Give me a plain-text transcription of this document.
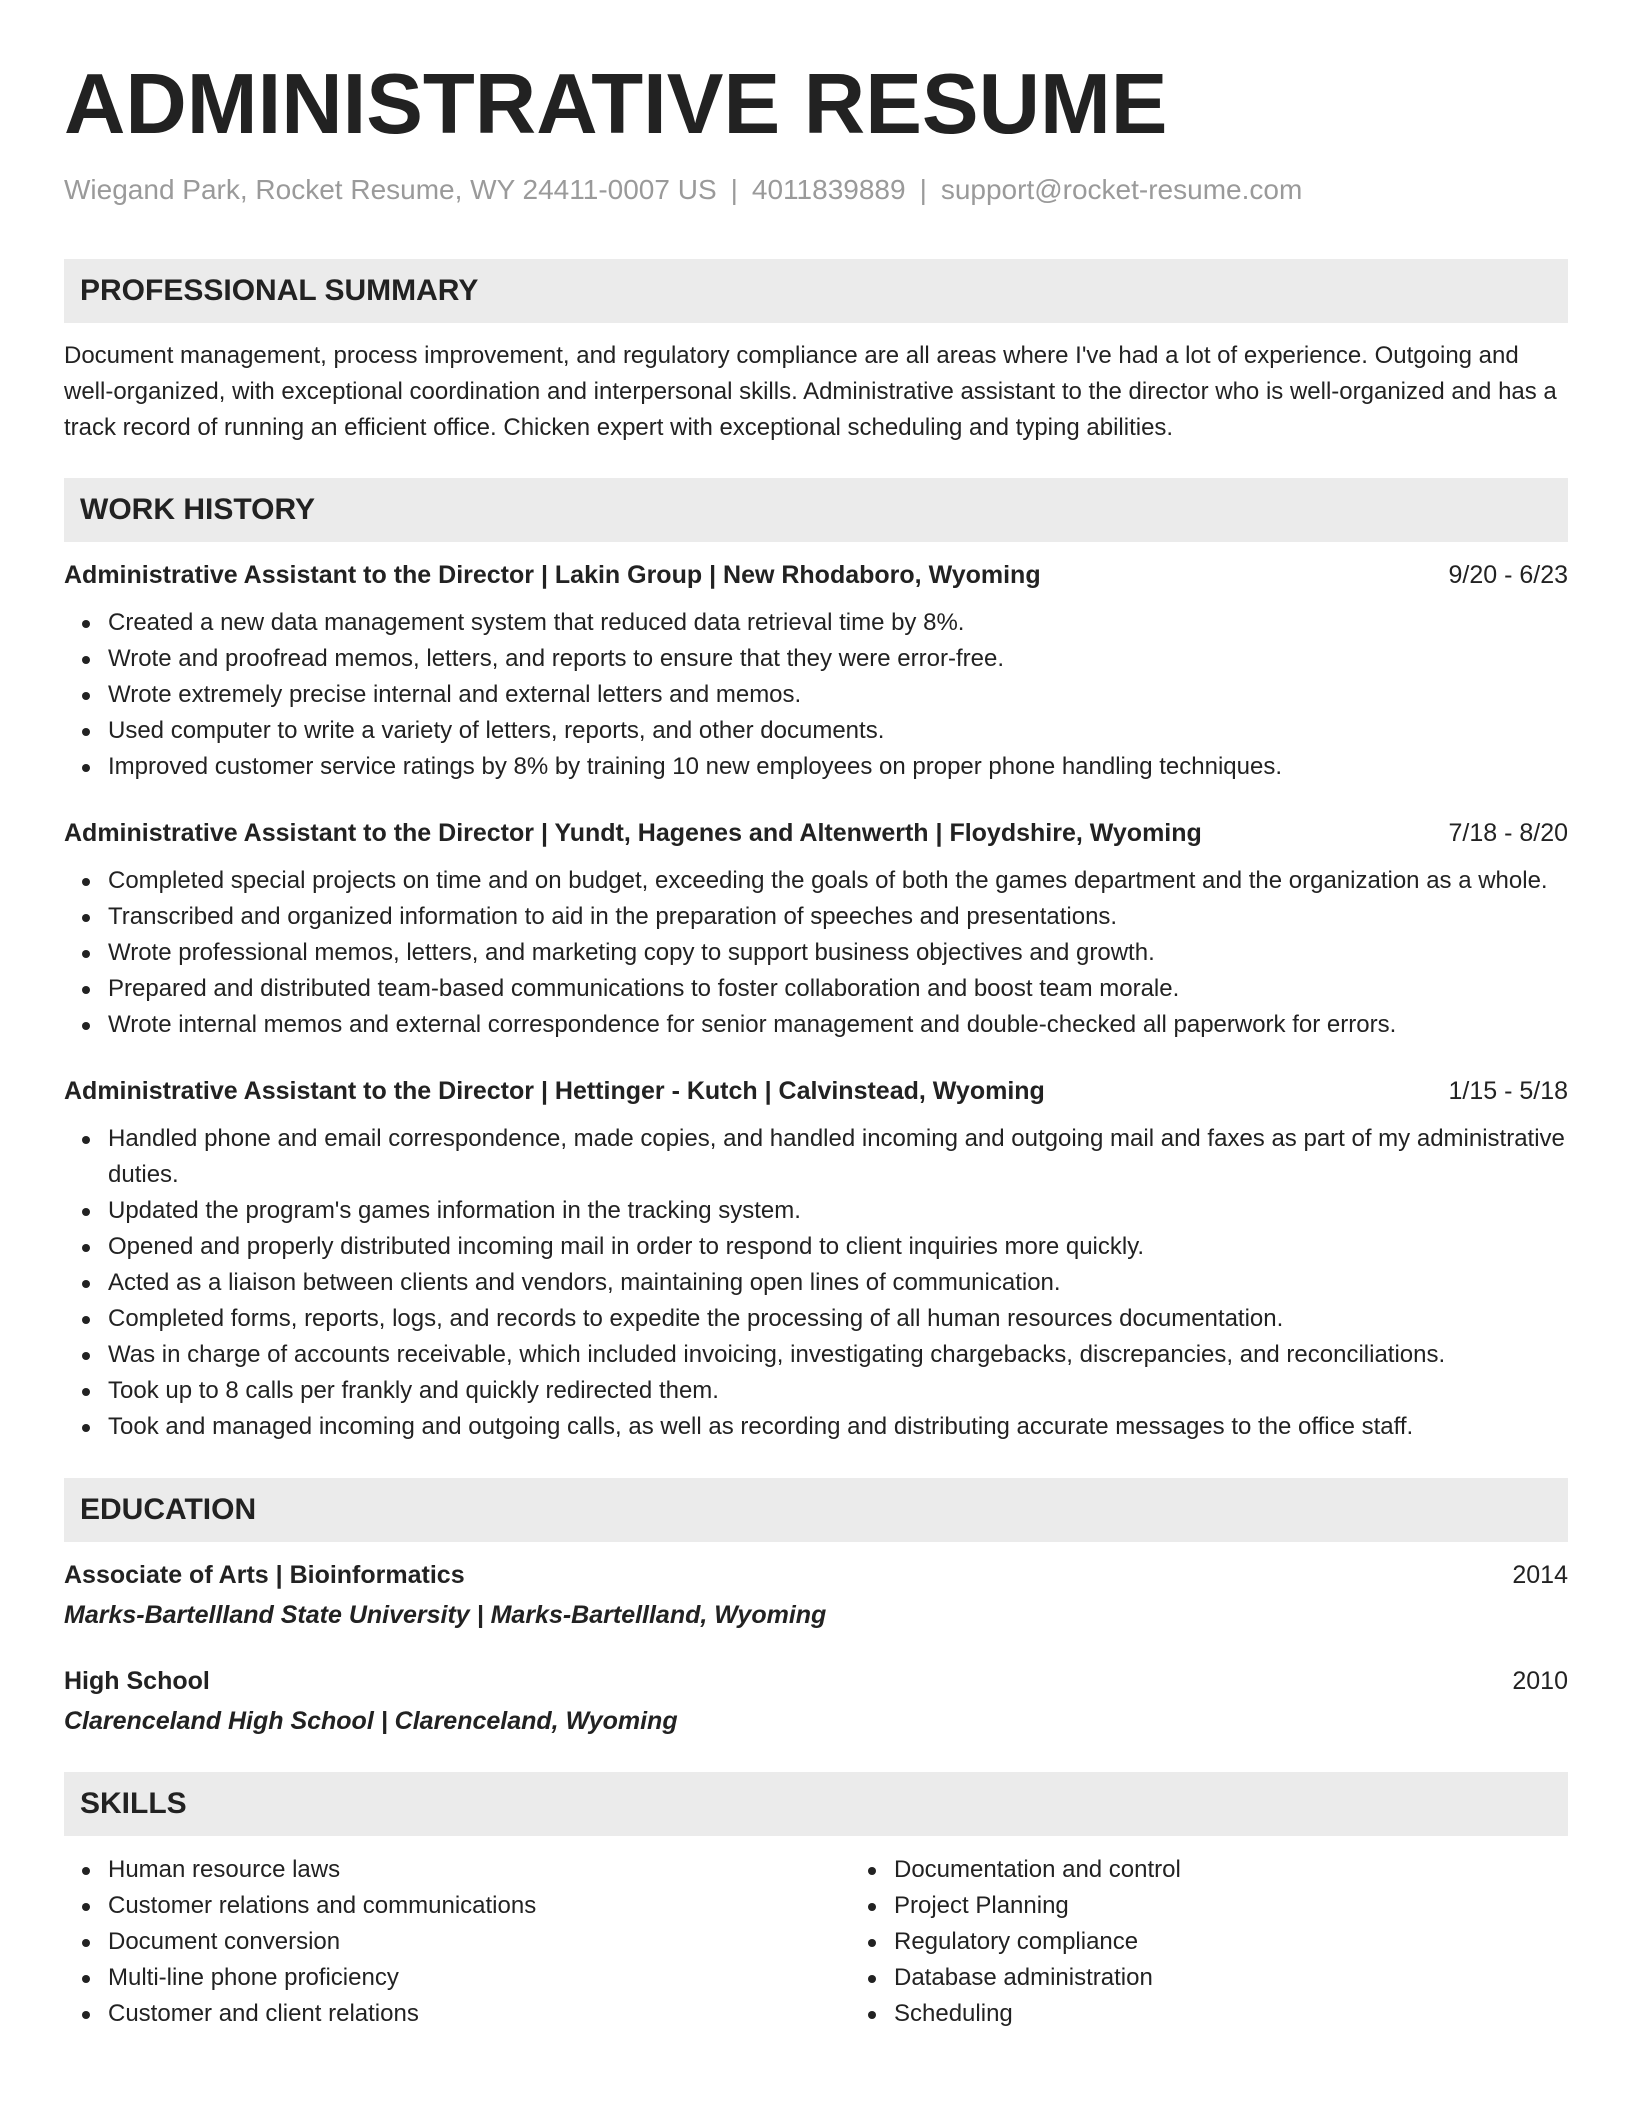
ADMINISTRATIVE RESUME
Wiegand Park, Rocket Resume, WY 24411-0007 US | 4011839889 | support@rocket-resume.com
PROFESSIONAL SUMMARY

Document management, process improvement, and regulatory compliance are all areas where I've had a lot of experience. Outgoing and well-organized, with exceptional coordination and interpersonal skills. Administrative assistant to the director who is well-organized and has a track record of running an efficient office. Chicken expert with exceptional scheduling and typing abilities.

WORK HISTORY
Administrative Assistant to the Director | Lakin Group | New Rhodaboro, Wyoming	9/20 - 6/23
Created a new data management system that reduced data retrieval time by 8%.
Wrote and proofread memos, letters, and reports to ensure that they were error-free.
Wrote extremely precise internal and external letters and memos.
Used computer to write a variety of letters, reports, and other documents.
Improved customer service ratings by 8% by training 10 new employees on proper phone handling techniques.
Administrative Assistant to the Director | Yundt, Hagenes and Altenwerth | Floydshire, Wyoming	7/18 - 8/20
Completed special projects on time and on budget, exceeding the goals of both the games department and the organization as a whole.
Transcribed and organized information to aid in the preparation of speeches and presentations.
Wrote professional memos, letters, and marketing copy to support business objectives and growth.
Prepared and distributed team-based communications to foster collaboration and boost team morale.
Wrote internal memos and external correspondence for senior management and double-checked all paperwork for errors.
Administrative Assistant to the Director | Hettinger - Kutch | Calvinstead, Wyoming	1/15 - 5/18
Handled phone and email correspondence, made copies, and handled incoming and outgoing mail and faxes as part of my administrative duties.
Updated the program's games information in the tracking system.
Opened and properly distributed incoming mail in order to respond to client inquiries more quickly.
Acted as a liaison between clients and vendors, maintaining open lines of communication.
Completed forms, reports, logs, and records to expedite the processing of all human resources documentation.
Was in charge of accounts receivable, which included invoicing, investigating chargebacks, discrepancies, and reconciliations.
Took up to 8 calls per frankly and quickly redirected them.
Took and managed incoming and outgoing calls, as well as recording and distributing accurate messages to the office staff.
EDUCATION
Associate of Arts | Bioinformatics	2014
Marks-Bartellland State University | Marks-Bartellland, Wyoming
High School	2010
Clarenceland High School | Clarenceland, Wyoming
SKILLS
Human resource laws
Customer relations and communications
Document conversion
Multi-line phone proficiency
Customer and client relations
Documentation and control
Project Planning
Regulatory compliance
Database administration
Scheduling
